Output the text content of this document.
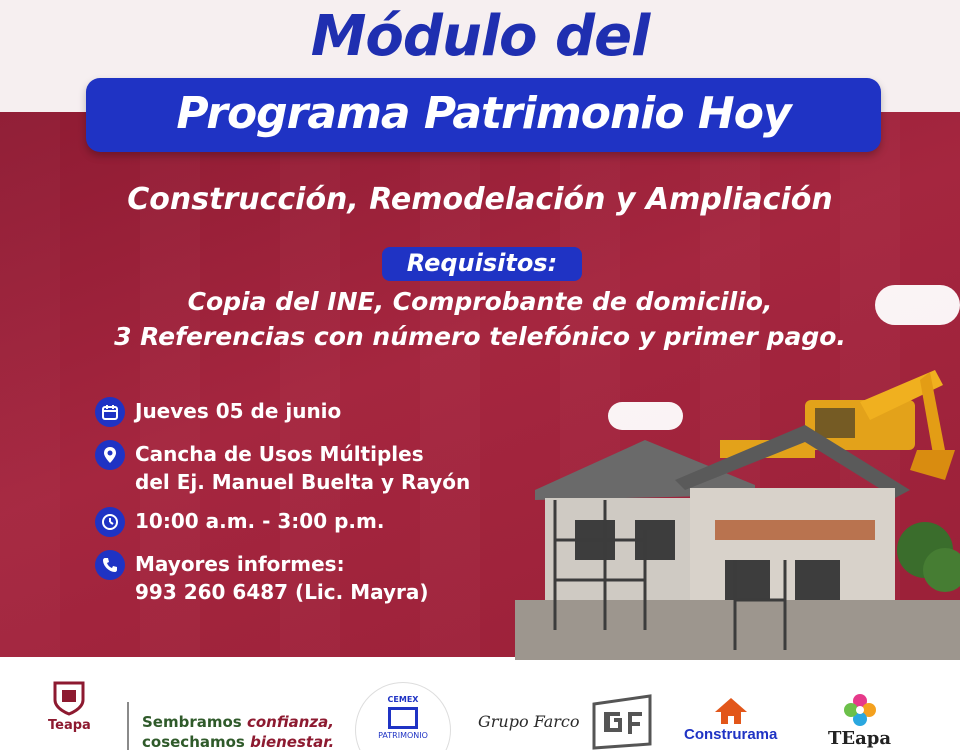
Módulo del
Programa Patrimonio Hoy
Construcción, Remodelación y Ampliación
Requisitos:
Copia del INE, Comprobante de domicilio,
3 Referencias con número telefónico y primer pago.
Jueves 05 de junio
Cancha de Usos Múltiples
del Ej. Manuel Buelta y Rayón
10:00 a.m. - 3:00 p.m.
Mayores informes:
993 260 6487 (Lic. Mayra)
Teapa	Sembramos confianza,
cosechamos bienestar.
CEMEX
PATRIMONIO
Grupo Farco
Construrama	TEapa
